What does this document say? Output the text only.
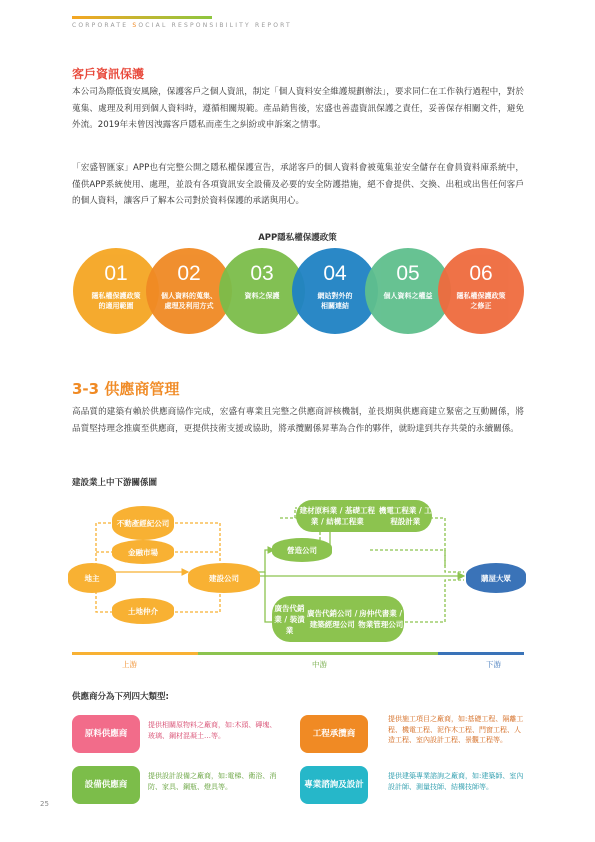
CORPORATE SOCIAL RESPONSIBILITY REPORT
客戶資訊保護

本公司為際低資安風險，保護客戶之個人資訊，制定「個人資料安全維護規劃辦法」，要求同仁在工作執行過程中，對於蒐集、處理及利用到個人資料時，遵循相關規範。產品銷售後，宏盛也善盡資訊保護之責任，妥善保存相關文件，避免外流。2019年未曾因洩露客戶隱私而產生之糾紛或申訴案之情事。

「宏盛智匯家」APP也有完整公開之隱私權保護宣告，承諾客戶的個人資料會被蒐集並安全儲存在會員資料庫系統中，僅供APP系統使用、處理，並設有各項資訊安全設備及必要的安全防護措施，絕不會提供、交換、出租或出售任何客戶的個人資料，讓客戶了解本公司對於資料保護的承諾與用心。

APP隱私權保護政策
01
隱私權保護政策
的適用範圍
02
個人資料的蒐集、
處理及利用方式
03
資料之保護

04
網站對外的
相關連結
05
個人資料之權益

06
隱私權保護政策
之修正
3-3 供應商管理

高品質的建築有賴於供應商協作完成，宏盛有專業且完整之供應商評核機制，並長期與供應商建立緊密之互動關係，將品質堅持理念推廣至供應商，更提供技術支援或協助，將承攬關係昇華為合作的夥伴，就盼達到共存共榮的永續關係。

建設業上中下游關係圖
不動產 經紀公司
金融市場
地主
土地仲介
建設公司
營造公司
建材原料業 / 基礎工程業 / 結構工程業

機電工程業 / 工程設計業
廣告代銷業 / 裝潢業

廣告代銷公司 / 建築經理公司

房仲代書業 / 物業管理公司
購屋大眾
上游	中游	下游
供應商分為下列四大類型:
原料供應商
提供相關原物料之廠商，如:木頭、磚塊、玻璃、鋼材混凝土…等。	工程承攬商
提供施工項目之廠商，如:基礎工程、隔離工程、機電工程、泥作木工程、門窗工程、人造工程、室內設計工程、景觀工程等。
設備供應商
提供設計設備之廠商，如:電梯、衛浴、消防、家具、鋼瓶、燈具等。	專業諮詢 及設計
提供建築專業諮詢之廠商，如:建築師、室內設計師、測量技師、結構技師等。
25
